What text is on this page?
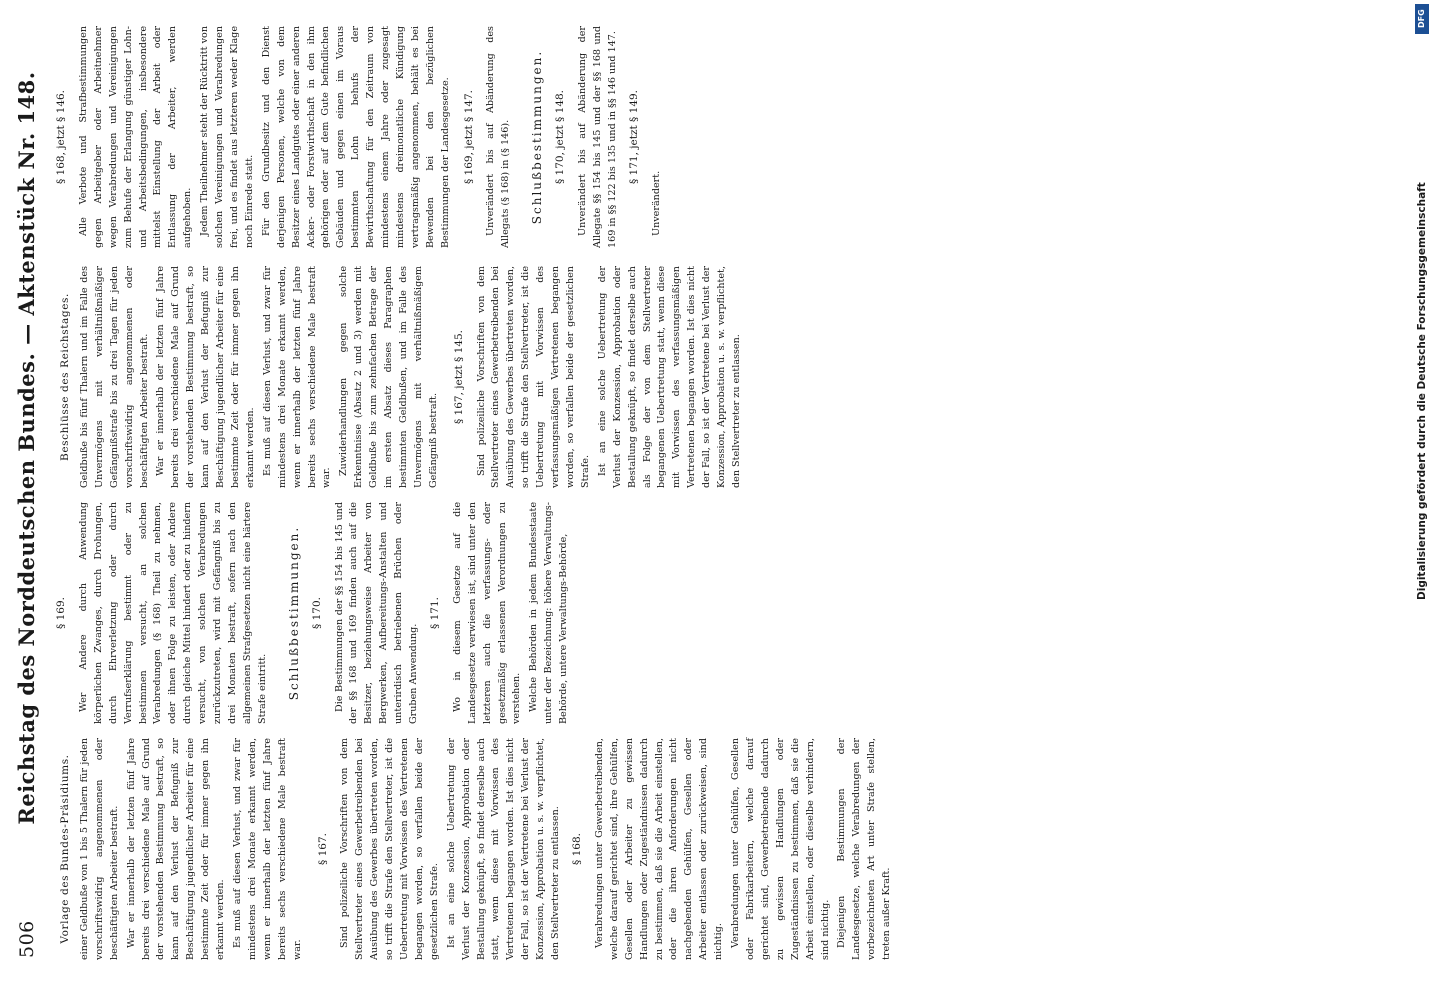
506
Reichstag des Norddeutschen Bundes. — Aktenstück Nr. 148.
Vorlage des Bundes-Präsidiums. einer Geldbuße von 1 bis 5 Thalern für jeden vorschriftswidrig angenommenen oder beschäftigten Arbeiter bestraft. War er innerhalb der letzten fünf Jahre bereits drei verschiedene Male auf Grund der vorstehenden Bestimmung bestraft, so kann auf den Verlust der Befugniß zur Beschäftigung jugendlicher Arbeiter für eine bestimmte Zeit oder für immer gegen ihn erkannt werden. Es muß auf diesen Verlust, und zwar für mindestens drei Monate erkannt werden, wenn er innerhalb der letzten fünf Jahre bereits sechs verschiedene Male bestraft war.

§ 167. Sind polizeiliche Vorschriften von dem Stellvertreter eines Gewerbetreibenden bei Ausübung des Gewerbes übertreten worden, so trifft die Strafe den Stellvertreter, ist die Uebertretung mit Vorwissen des Vertretenen begangen worden, so verfallen beide der gesetzlichen Strafe. Ist an eine solche Uebertretung der Verlust der Konzession, Approbation oder Bestallung geknüpft, so findet derselbe auch statt, wenn diese mit Vorwissen des Vertretenen begangen worden. Ist dies nicht der Fall, so ist der Vertretene bei Verlust der Konzession, Approbation u. s. w. verpflichtet, den Stellvertreter zu entlassen. § 168. Verabredungen unter Gewerbetreibenden, welche darauf gerichtet sind, ihre Gehülfen, Gesellen oder Arbeiter zu gewissen Handlungen oder Zugeständnissen dadurch zu bestimmen, daß sie die Arbeit einstellen, oder die ihren Anforderungen nicht nachgebenden Gehülfen, Gesellen oder Arbeiter entlassen oder zurückweisen, sind nichtig. Verabredungen unter Gehülfen, Gesellen oder Fabrikarbeitern, welche darauf gerichtet sind, Gewerbetreibende dadurch zu gewissen Handlungen oder Zugeständnissen zu bestimmen, daß sie die Arbeit einstellen, oder dieselbe verhindern, sind nichtig. Diejenigen Bestimmungen der Landesgesetze, welche Verabredungen der vorbezeichneten Art unter Strafe stellen, treten außer Kraft.

§ 169. Wer Andere durch Anwendung körperlichen Zwanges, durch Drohungen, durch Ehrverletzung oder durch Verrufserklärung bestimmt oder zu bestimmen versucht, an solchen Verabredungen (§ 168) Theil zu nehmen, oder ihnen Folge zu leisten, oder Andere durch gleiche Mittel hindert oder zu hindern versucht, von solchen Verabredungen zurückzutreten, wird mit Gefängniß bis zu drei Monaten bestraft, sofern nach den allgemeinen Strafgesetzen nicht eine härtere Strafe eintritt. Schlußbestimmungen. § 170. Die Bestimmungen der §§ 154 bis 145 und der §§ 168 und 169 finden auch auf die Besitzer, beziehungsweise Arbeiter von Bergwerken, Aufbereitungs-Anstalten und unterirdisch betriebenen Brüchen oder Gruben Anwendung.

§ 171. Wo in diesem Gesetze auf die Landesgesetze verwiesen ist, sind unter den letzteren auch die verfassungs- oder gesetzmäßig erlassenen Verordnungen zu verstehen. Welche Behörden in jedem Bundesstaate unter der Bezeichnung: höhere Verwaltungs-Behörde, untere Verwaltungs-Behörde,

Beschlüsse des Reichstages. Geldbuße bis fünf Thalern und im Falle des Unvermögens mit verhältnißmäßiger Gefängnißstrafe bis zu drei Tagen für jeden vorschriftswidrig angenommenen oder beschäftigten Arbeiter bestraft. War er innerhalb der letzten fünf Jahre bereits drei verschiedene Male auf Grund der vorstehenden Bestimmung bestraft, so kann auf den Verlust der Befugniß zur Beschäftigung jugendlicher Arbeiter für eine bestimmte Zeit oder für immer gegen ihn erkannt werden. Es muß auf diesen Verlust, und zwar für mindestens drei Monate erkannt werden, wenn er innerhalb der letzten fünf Jahre bereits sechs verschiedene Male bestraft war.

Zuwiderhandlungen gegen solche Erkenntnisse (Absatz 2 und 3) werden mit Geldbuße bis zum zehnfachen Betrage der im ersten Absatz dieses Paragraphen bestimmten Geldbußen, und im Falle des Unvermögens mit verhältnißmäßigem Gefängniß bestraft.

§ 167, jetzt § 145. Sind polizeiliche Vorschriften von dem Stellvertreter eines Gewerbetreibenden bei Ausübung des Gewerbes übertreten worden, so trifft die Strafe den Stellvertreter, ist die Uebertretung mit Vorwissen des verfassungsmäßigen Vertretenen begangen worden, so verfallen beide der gesetzlichen Strafe. Ist an eine solche Uebertretung der Verlust der Konzession, Approbation oder Bestallung geknüpft, so findet derselbe auch als Folge der von dem Stellvertreter begangenen Uebertretung statt, wenn diese mit Vorwissen des verfassungsmäßigen Vertretenen begangen worden. Ist dies nicht der Fall, so ist der Vertretene bei Verlust der Konzession, Approbation u. s. w. verpflichtet, den Stellvertreter zu entlassen.

§ 168, jetzt § 146. Alle Verbote und Strafbestimmungen gegen Arbeitgeber oder Arbeitnehmer wegen Verabredungen und Vereinigungen zum Behufe der Erlangung günstiger Lohn- und Arbeitsbedingungen, insbesondere mittelst Einstellung der Arbeit oder Entlassung der Arbeiter, werden aufgehoben. Jedem Theilnehmer steht der Rücktritt von solchen Vereinigungen und Verabredungen frei, und es findet aus letzteren weder Klage noch Einrede statt. Für den Grundbesitz und den Dienst derjenigen Personen, welche von dem Besitzer eines Landgutes oder einer anderen Acker- oder Forstwirthschaft in den ihm gehörigen oder auf dem Gute befindlichen Gebäuden und gegen einen im Voraus bestimmten Lohn behufs der Bewirthschaftung für den Zeitraum von mindestens einem Jahre oder zugesagt mindestens dreimonatliche Kündigung vertragsmäßig angenommen, behält es bei Bewenden bei den bezüglichen Bestimmungen der Landesgesetze. § 169, jetzt § 147. Unverändert bis auf Abänderung des Allegats (§ 168) in (§ 146). Schlußbestimmungen. § 170, jetzt § 148. Unverändert bis auf Abänderung der Allegate §§ 154 bis 145 und der §§ 168 und 169 in §§ 122 bis 135 und in §§ 146 und 147. § 171, jetzt § 149.

Unverändert.	Digitalisierung gefördert durch die Deutsche Forschungsgemeinschaft
DFG
